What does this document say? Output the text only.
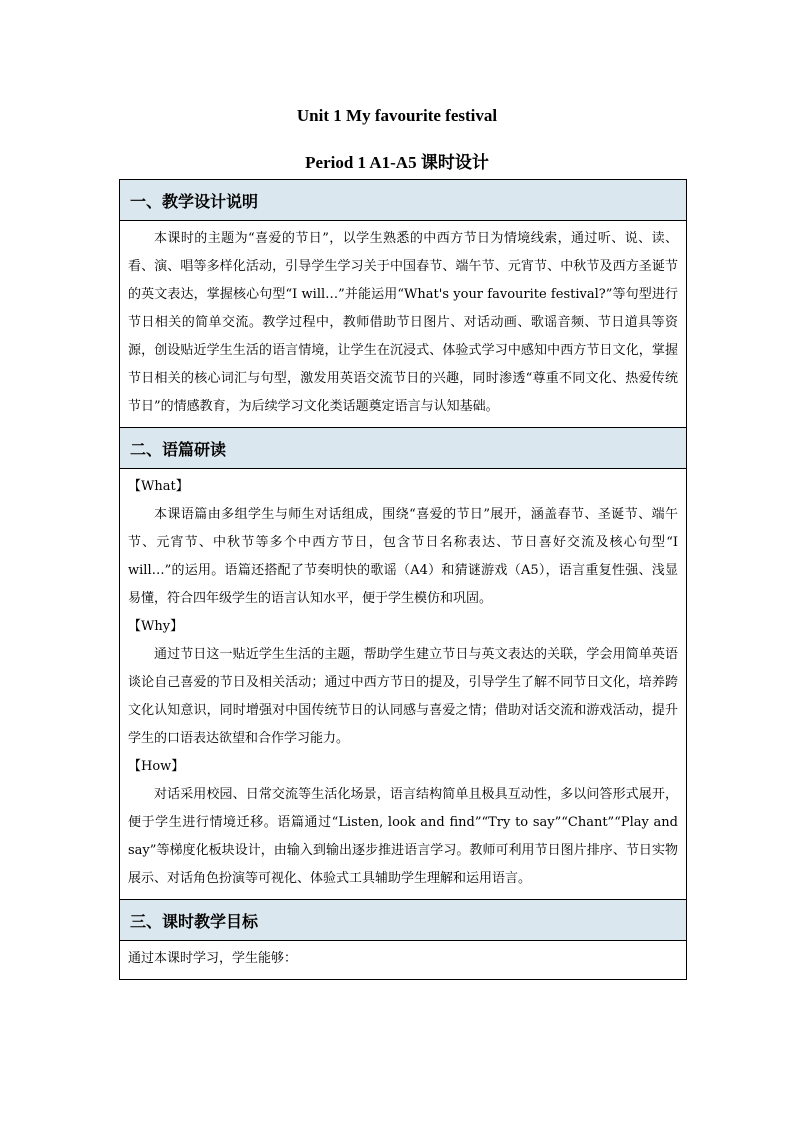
Unit 1 My favourite festival
Period 1 A1-A5 课时设计
一、教学设计说明

本课时的主题为“喜爱的节日”，以学生熟悉的中西方节日为情境线索，通过听、说、读、看、演、唱等多样化活动，引导学生学习关于中国春节、端午节、元宵节、中秋节及西方圣诞节的英文表达，掌握核心句型“I will…”并能运用“What's your favourite festival?”等句型进行节日相关的简单交流。教学过程中，教师借助节日图片、对话动画、歌谣音频、节日道具等资源，创设贴近学生生活的语言情境，让学生在沉浸式、体验式学习中感知中西方节日文化，掌握节日相关的核心词汇与句型，激发用英语交流节日的兴趣，同时渗透“尊重不同文化、热爱传统节日”的情感教育，为后续学习文化类话题奠定语言与认知基础。

二、语篇研读

【What】

本课语篇由多组学生与师生对话组成，围绕“喜爱的节日”展开，涵盖春节、圣诞节、端午节、元宵节、中秋节等多个中西方节日，包含节日名称表达、节日喜好交流及核心句型“I will…”的运用。语篇还搭配了节奏明快的歌谣（A4）和猜谜游戏（A5），语言重复性强、浅显易懂，符合四年级学生的语言认知水平，便于学生模仿和巩固。

【Why】

通过节日这一贴近学生生活的主题，帮助学生建立节日与英文表达的关联，学会用简单英语谈论自己喜爱的节日及相关活动；通过中西方节日的提及，引导学生了解不同节日文化，培养跨文化认知意识，同时增强对中国传统节日的认同感与喜爱之情；借助对话交流和游戏活动，提升学生的口语表达欲望和合作学习能力。

【How】

对话采用校园、日常交流等生活化场景，语言结构简单且极具互动性，多以问答形式展开，便于学生进行情境迁移。语篇通过“Listen, look and find”“Try to say”“Chant”“Play and say”等梯度化板块设计，由输入到输出逐步推进语言学习。教师可利用节日图片排序、节日实物展示、对话角色扮演等可视化、体验式工具辅助学生理解和运用语言。

三、课时教学目标

通过本课时学习，学生能够：
